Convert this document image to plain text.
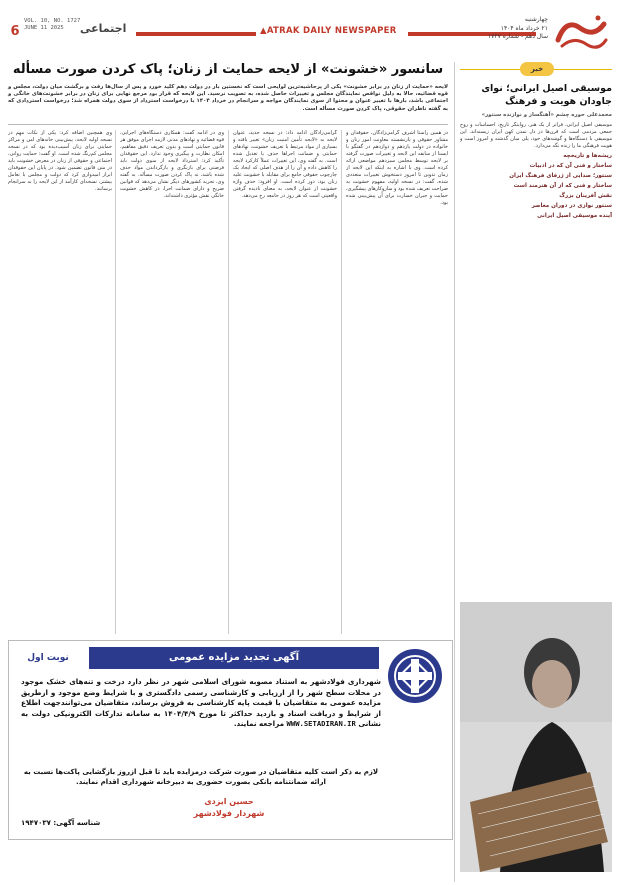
6
VOL. 10, NO. 1727
JUNE 11 2025	اجتماعی	▲ATRAK DAILY NEWSPAPER
چهارشنبه
۲۱ خرداد ماه ۱۴۰۴
سال دهم - شماره ۱۷۲۷
سانسور «خشونت» از لایحه حمایت از زنان؛ پاک کردن صورت مسأله
لایحه «حمایت از زنان در برابر خشونت» یکی از پرحاشیه‌ترین لوایحی است که نخستین بار در دولت دهم کلید خورد و پس از سال‌ها رفت و برگشت میان دولت، مجلس و قوه قضائیه، حالا به دلیل نواقص نمایندگان مجلس و تغییرات حاصل شده، به تصویب نرسید. این لایحه که قرار بود مرجع نهایی برای زنان در برابر خشونت‌های خانگی و اجتماعی باشد، بارها با تغییر عنوان و محتوا از سوی نمایندگان مواجه و سرانجام در خرداد ۱۴۰۴ با درخواست استرداد از سوی دولت همراه شد؛ درخواست استردادی که به گفته ناظران حقوقی، پاک کردن صورت مسأله است.
در همین راستا اشرف گرامی‌زادگان، حقوقدان و مشاور حقوقی و بازنشسته معاونت امور زنان و خانواده در دولت یازدهم و دوازدهم در گفتگو با ایسنا از سابقه این لایحه و تغییرات صورت گرفته بر لایحه توسط مجلس سیزدهم مواضعی ارائه کرده است. وی با اشاره به اینکه این لایحه از زمان تدوین تا امروز دستخوش تغییرات متعددی شده، گفت: در نسخه اولیه، مفهوم خشونت به صراحت تعریف شده بود و سازوکارهای پیشگیری، حمایت و جبران خسارت برای آن پیش‌بینی شده بود.
گرامی‌زادگان ادامه داد: در نسخه جدید، عنوان لایحه به «لایحه تأمین امنیت زنان» تغییر یافته و بسیاری از مواد مرتبط با تعریف خشونت، نهادهای حمایتی و ضمانت اجراها حذف یا تعدیل شده است. به گفته وی، این تغییرات عملاً کارکرد لایحه را کاهش داده و آن را از هدف اصلی که ایجاد یک چارچوب حقوقی جامع برای مقابله با خشونت علیه زنان بود، دور کرده است. او افزود: حذف واژه خشونت از عنوان لایحه، به معنای نادیده گرفتن واقعیتی است که هر روز در جامعه رخ می‌دهد.
وی در ادامه گفت: همکاری دستگاه‌های اجرایی، قوه قضائیه و نهادهای مدنی لازمه اجرای موفق هر قانون حمایتی است و بدون تعریف دقیق مفاهیم، امکان نظارت و پیگیری وجود ندارد. این حقوقدان تأکید کرد: استرداد لایحه از سوی دولت باید فرصتی برای بازنگری و بازگرداندن مواد حذف شده باشد، نه پاک کردن صورت مسأله. به گفته وی، تجربه کشورهای دیگر نشان می‌دهد که قوانین صریح و دارای ضمانت اجرا، در کاهش خشونت خانگی نقش مؤثری داشته‌اند.
وی همچنین اضافه کرد: یکی از نکات مهم در نسخه اولیه لایحه، پیش‌بینی خانه‌های امن و مراکز حمایتی برای زنان آسیب‌دیده بود که در نسخه مجلس کم‌رنگ شده است. او گفت: حمایت روانی، اجتماعی و حقوقی از زنان در معرض خشونت باید در متن قانون تضمین شود. در پایان این حقوقدان ابراز امیدواری کرد که دولت و مجلس با تعامل بیشتر، نسخه‌ای کارآمد از این لایحه را به سرانجام برسانند.
خبر
موسیقی اصیل ایرانی؛ نوای جاودان هویت و فرهنگ
محمدعلی حوره چشم «آهنگساز و نوازنده سنتور»
موسیقی اصیل ایرانی، فراتر از یک هنر، روایتگر تاریخ، احساسات و روح جمعی مردمی است که قرن‌ها در دل تمدن کهن ایران زیسته‌اند. این موسیقی با دستگاه‌ها و گوشه‌های خود، پلی میان گذشته و امروز است و هویت فرهنگی ما را زنده نگه می‌دارد.
ریشه‌ها و تاریخچه
ساختار و فنی آن که در ادبیات
سنتور؛ صدایی از ژرفای فرهنگ ایران
ساختار و فنی که از آن هنرمند است
نقش آفرینان بزرگ
سنتور نوازی در دوران معاصر
آینده موسیقی اصیل ایرانی
آگهی تجدید مزایده عمومی
نوبت اول
شهرداری فولادشهر به استناد مصوبه شورای اسلامی شهر در نظر دارد درخت و تنه‌های خشک موجود در محلات سطح شهر را از ارزیابی و کارشناسی رسمی دادگستری و با شرایط وضع موجود و ازطریق مزایده عمومی به متقاضیان با قیمت پایه کارشناسی به فروش برساند، متقاضیان می‌توانندجهت اطلاع از شرایط و دریافت اسناد و بازدید حداکثر تا مورخ ۱۴۰۴/۴/۹ به سامانه تدارکات الکترونیکی دولت به نشانی WWW.SETADIRAN.IR مراجعه نمایند.
لازم به ذکر است کلیه متقاضیان در صورت شرکت درمزایده باید تا قبل ازروز بازگشایی پاکت‌ها نسبت به ارائه ضمانتنامه بانکی بصورت حضوری به دبیرخانه شهرداری اقدام نمایند.
حسین ایزدی
شهردار فولادشهر
شناسه آگهی: ۱۹۴۷۰۳۷
